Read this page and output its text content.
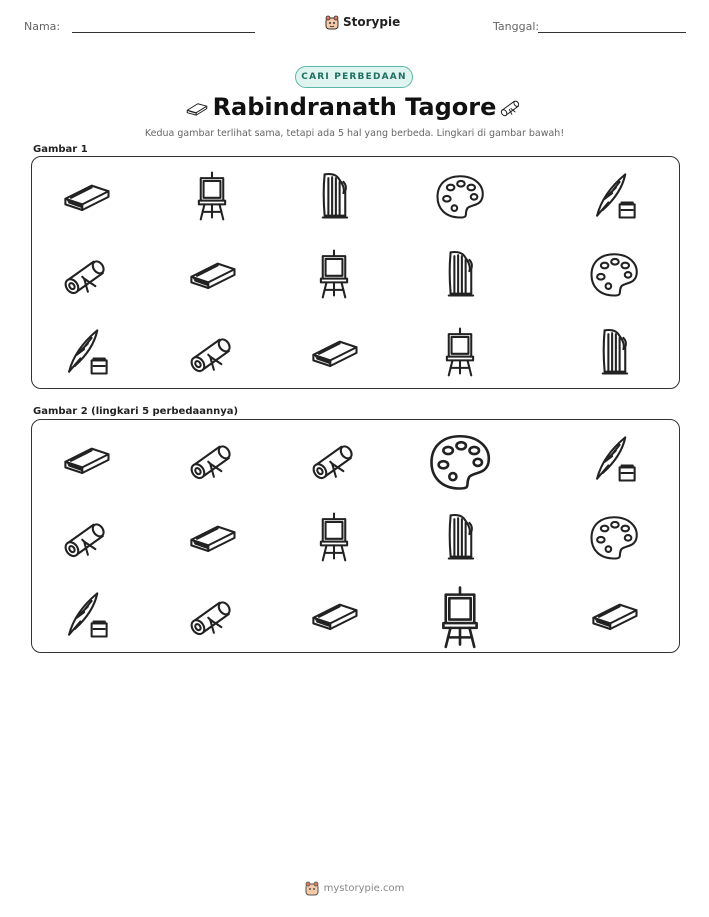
Nama:	Storypie	Tanggal:
CARI PERBEDAAN
Rabindranath Tagore
Kedua gambar terlihat sama, tetapi ada 5 hal yang berbeda. Lingkari di gambar bawah!
Gambar 1
Gambar 2 (lingkari 5 perbedaannya)
mystorypie.com
